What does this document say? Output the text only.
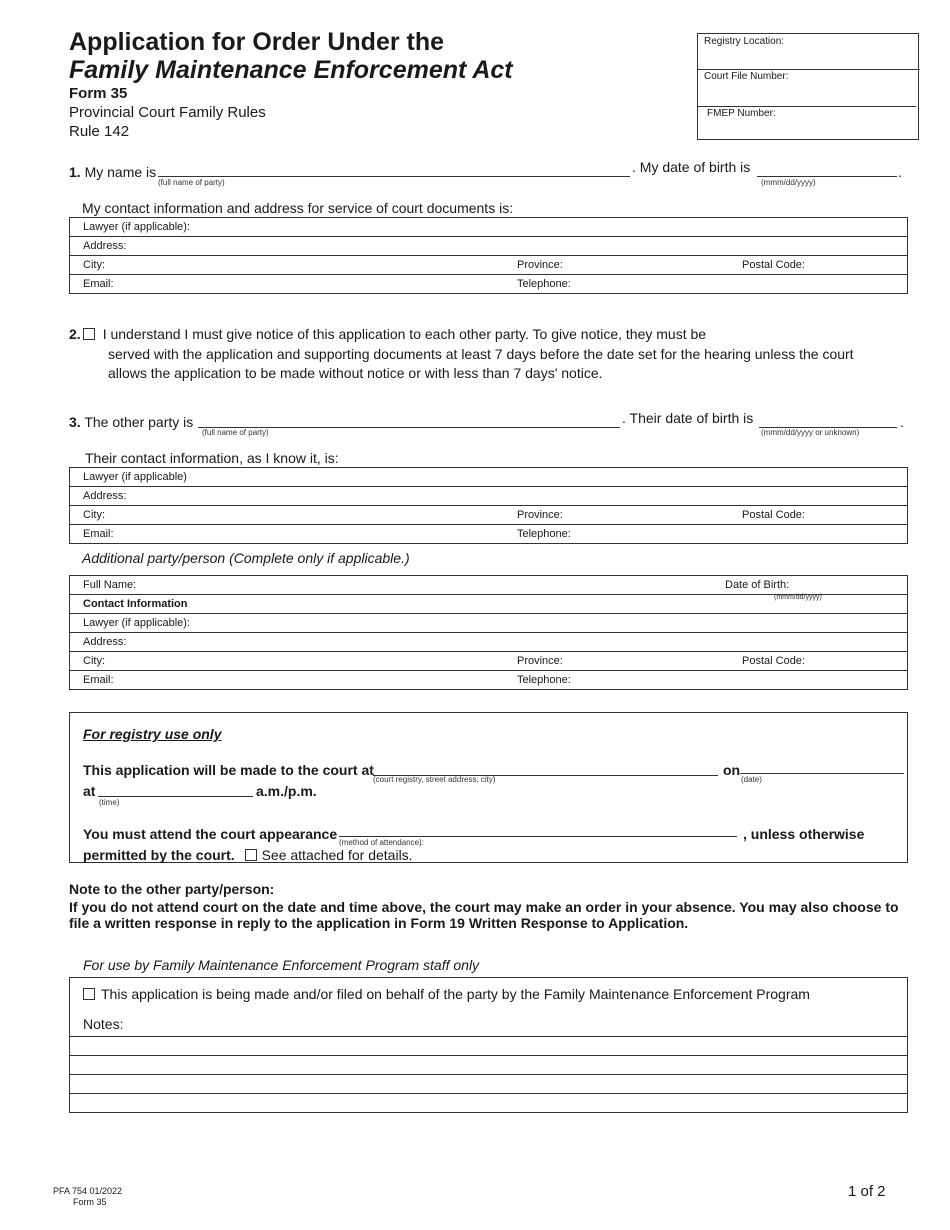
Application for Order Under the
Family Maintenance Enforcement Act
Form 35
Provincial Court Family Rules
Rule 142
Registry Location:
Court File Number:
FMEP Number:
1. My name is
(full name of party)
. My date of birth is	.
(mmm/dd/yyyy)
My contact information and address for service of court documents is:
Lawyer (if applicable):		
Address:		
City:	Province:	Postal Code:
Email:	Telephone:	
2. I understand I must give notice of this application to each other party. To give notice, they must be
served with the application and supporting documents at least 7 days before the date set for the hearing unless the court
allows the application to be made without notice or with less than 7 days' notice.
3. The other party is
(full name of party)
. Their date of birth is	.
(mmm/dd/yyyy or unknown)
Their contact information, as I know it, is:
Lawyer (if applicable)		
Address:		
City:	Province:	Postal Code:
Email:	Telephone:	
Additional party/person (Complete only if applicable.)
Full Name:		Date of Birth:
Contact Information
(mmm/dd/yyyy)		

Lawyer (if applicable):		
Address:		
City:	Province:	Postal Code:
Email:	Telephone:	
For registry use only
This application will be made to the court at
(court registry, street address, city)
on
(date)
at
(time)
a.m./p.m.
You must attend the court appearance
(method of attendance):
, unless otherwise
permitted by the court. See attached for details.
Note to the other party/person:
If you do not attend court on the date and time above, the court may make an order in your absence. You may also choose to
file a written response in reply to the application in Form 19 Written Response to Application.
For use by Family Maintenance Enforcement Program staff only
This application is being made and/or filed on behalf of the party by the Family Maintenance Enforcement Program
Notes:
PFA 754 01/2022
Form 35
1 of 2
